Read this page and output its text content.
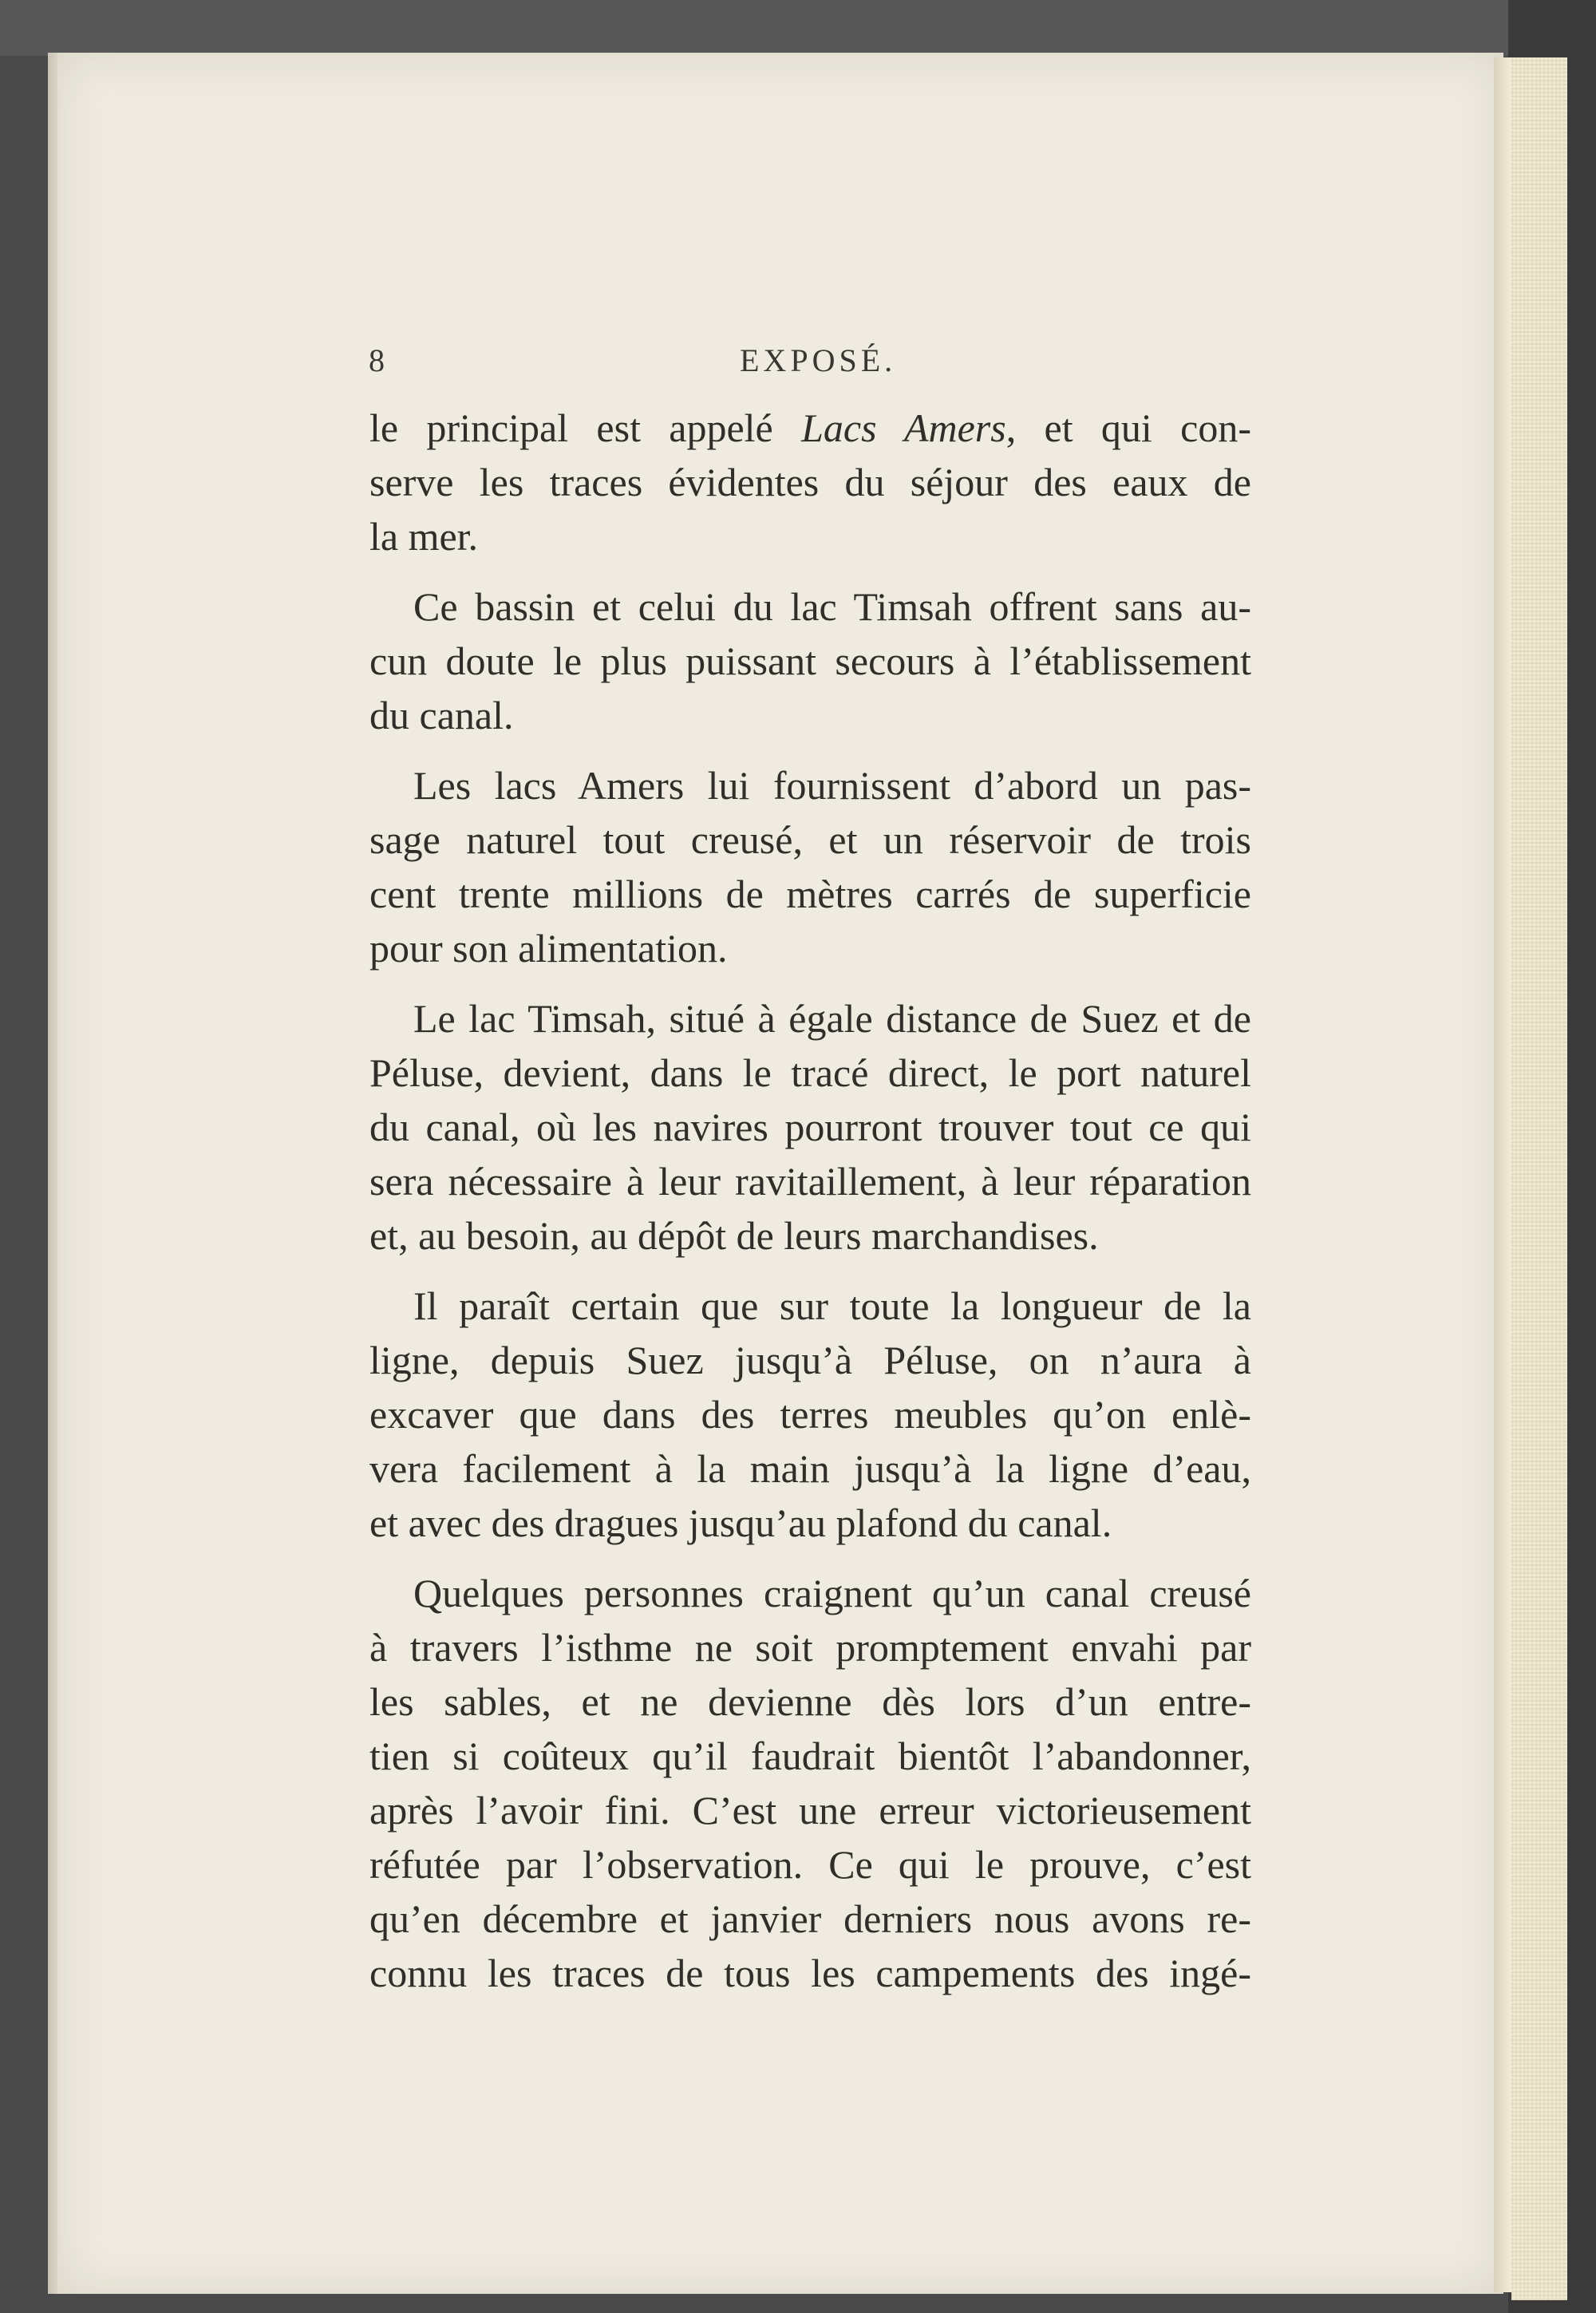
8	EXPOSÉ.
le principal est appelé Lacs Amers, et qui con-
serve les traces évidentes du séjour des eaux de
la mer.
Ce bassin et celui du lac Timsah offrent sans au-
cun doute le plus puissant secours à l’établissement
du canal.
Les lacs Amers lui fournissent d’abord un pas-
sage naturel tout creusé, et un réservoir de trois
cent trente millions de mètres carrés de superficie
pour son alimentation.
Le lac Timsah, situé à égale distance de Suez et de
Péluse, devient, dans le tracé direct, le port naturel
du canal, où les navires pourront trouver tout ce qui
sera nécessaire à leur ravitaillement, à leur réparation
et, au besoin, au dépôt de leurs marchandises.
Il paraît certain que sur toute la longueur de la
ligne, depuis Suez jusqu’à Péluse, on n’aura à
excaver que dans des terres meubles qu’on enlè-
vera facilement à la main jusqu’à la ligne d’eau,
et avec des dragues jusqu’au plafond du canal.
Quelques personnes craignent qu’un canal creusé
à travers l’isthme ne soit promptement envahi par
les sables, et ne devienne dès lors d’un entre-
tien si coûteux qu’il faudrait bientôt l’abandonner,
après l’avoir fini. C’est une erreur victorieusement
réfutée par l’observation. Ce qui le prouve, c’est
qu’en décembre et janvier derniers nous avons re-
connu les traces de tous les campements des ingé-
